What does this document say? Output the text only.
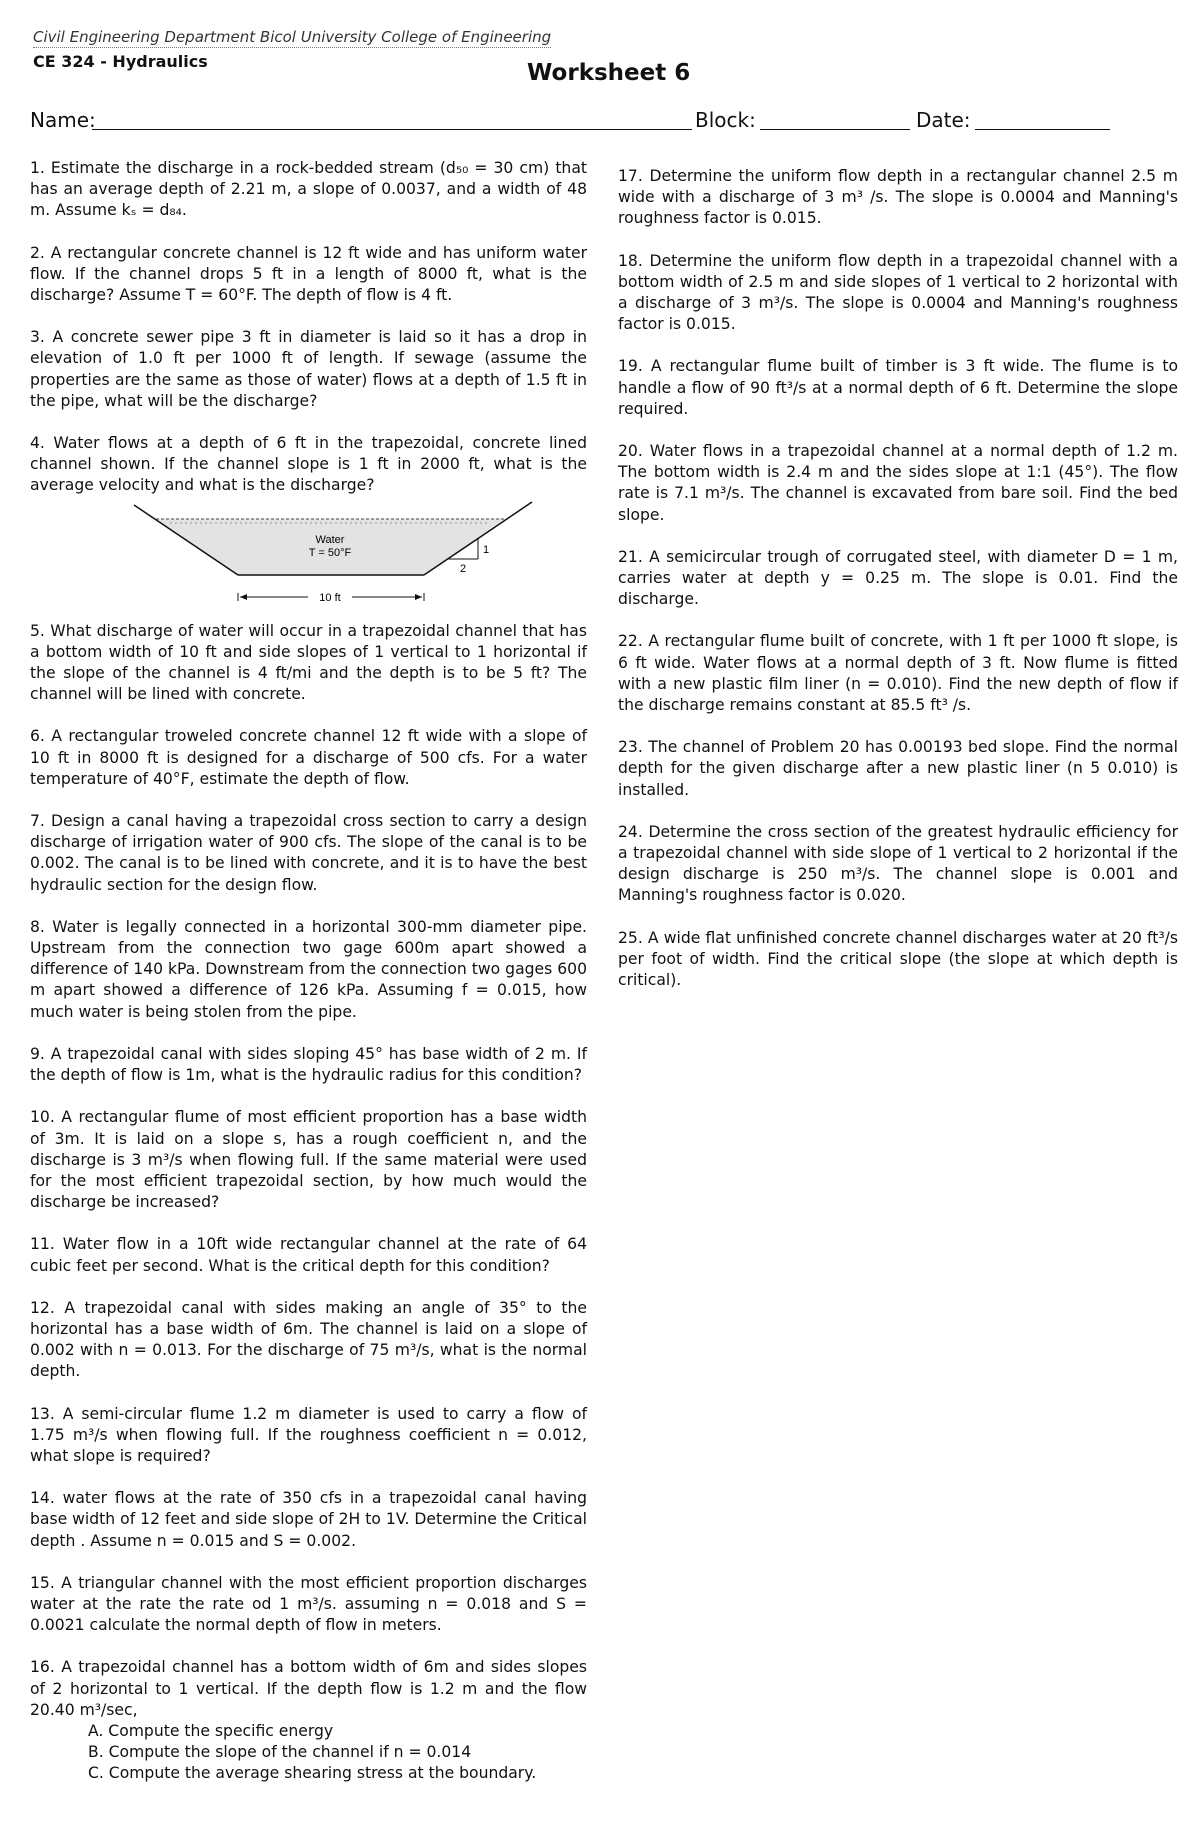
Civil Engineering Department Bicol University College of Engineering
CE 324 - Hydraulics	Worksheet 6
Name:	Block:	Date:

1. Estimate the discharge in a rock-bedded stream (d₅₀ = 30 cm) that has an average depth of 2.21 m, a slope of 0.0037, and a width of 48 m. Assume kₛ = d₈₄.

2. A rectangular concrete channel is 12 ft wide and has uniform water flow. If the channel drops 5 ft in a length of 8000 ft, what is the discharge? Assume T = 60°F. The depth of flow is 4 ft.

3. A concrete sewer pipe 3 ft in diameter is laid so it has a drop in elevation of 1.0 ft per 1000 ft of length. If sewage (assume the properties are the same as those of water) flows at a depth of 1.5 ft in the pipe, what will be the discharge?

4. Water flows at a depth of 6 ft in the trapezoidal, concrete lined channel shown. If the channel slope is 1 ft in 2000 ft, what is the average velocity and what is the discharge?

Water
T = 50°F	1
2
10 ft

5. What discharge of water will occur in a trapezoidal channel that has a bottom width of 10 ft and side slopes of 1 vertical to 1 horizontal if the slope of the channel is 4 ft/mi and the depth is to be 5 ft? The channel will be lined with concrete.

6. A rectangular troweled concrete channel 12 ft wide with a slope of 10 ft in 8000 ft is designed for a discharge of 500 cfs. For a water temperature of 40°F, estimate the depth of flow.

7. Design a canal having a trapezoidal cross section to carry a design discharge of irrigation water of 900 cfs. The slope of the canal is to be 0.002. The canal is to be lined with concrete, and it is to have the best hydraulic section for the design flow.

8. Water is legally connected in a horizontal 300-mm diameter pipe. Upstream from the connection two gage 600m apart showed a difference of 140 kPa. Downstream from the connection two gages 600 m apart showed a difference of 126 kPa. Assuming f = 0.015, how much water is being stolen from the pipe.

9. A trapezoidal canal with sides sloping 45° has base width of 2 m. If the depth of flow is 1m, what is the hydraulic radius for this condition?

10. A rectangular flume of most efficient proportion has a base width of 3m. It is laid on a slope s, has a rough coefficient n, and the discharge is 3 m³/s when flowing full. If the same material were used for the most efficient trapezoidal section, by how much would the discharge be increased?

11. Water flow in a 10ft wide rectangular channel at the rate of 64 cubic feet per second. What is the critical depth for this condition?

12. A trapezoidal canal with sides making an angle of 35° to the horizontal has a base width of 6m. The channel is laid on a slope of 0.002 with n = 0.013. For the discharge of 75 m³/s, what is the normal depth.

13. A semi-circular flume 1.2 m diameter is used to carry a flow of 1.75 m³/s when flowing full. If the roughness coefficient n = 0.012, what slope is required?

14. water flows at the rate of 350 cfs in a trapezoidal canal having base width of 12 feet and side slope of 2H to 1V. Determine the Critical depth . Assume n = 0.015 and S = 0.002.

15. A triangular channel with the most efficient proportion discharges water at the rate the rate od 1 m³/s. assuming n = 0.018 and S = 0.0021 calculate the normal depth of flow in meters.

16. A trapezoidal channel has a bottom width of 6m and sides slopes of 2 horizontal to 1 vertical. If the depth flow is 1.2 m and the flow 20.40 m³/sec,

A. Compute the specific energy

B. Compute the slope of the channel if n = 0.014

C. Compute the average shearing stress at the boundary.

17. Determine the uniform flow depth in a rectangular channel 2.5 m wide with a discharge of 3 m³ /s. The slope is 0.0004 and Manning's roughness factor is 0.015.

18. Determine the uniform flow depth in a trapezoidal channel with a bottom width of 2.5 m and side slopes of 1 vertical to 2 horizontal with a discharge of 3 m³/s. The slope is 0.0004 and Manning's roughness factor is 0.015.

19. A rectangular flume built of timber is 3 ft wide. The flume is to handle a flow of 90 ft³/s at a normal depth of 6 ft. Determine the slope required.

20. Water flows in a trapezoidal channel at a normal depth of 1.2 m. The bottom width is 2.4 m and the sides slope at 1:1 (45°). The flow rate is 7.1 m³/s. The channel is excavated from bare soil. Find the bed slope.

21. A semicircular trough of corrugated steel, with diameter D = 1 m, carries water at depth y = 0.25 m. The slope is 0.01. Find the discharge.

22. A rectangular flume built of concrete, with 1 ft per 1000 ft slope, is 6 ft wide. Water flows at a normal depth of 3 ft. Now flume is fitted with a new plastic film liner (n = 0.010). Find the new depth of flow if the discharge remains constant at 85.5 ft³ /s.

23. The channel of Problem 20 has 0.00193 bed slope. Find the normal depth for the given discharge after a new plastic liner (n 5 0.010) is installed.

24. Determine the cross section of the greatest hydraulic efficiency for a trapezoidal channel with side slope of 1 vertical to 2 horizontal if the design discharge is 250 m³/s. The channel slope is 0.001 and Manning's roughness factor is 0.020.

25. A wide flat unfinished concrete channel discharges water at 20 ft³/s per foot of width. Find the critical slope (the slope at which depth is critical).
